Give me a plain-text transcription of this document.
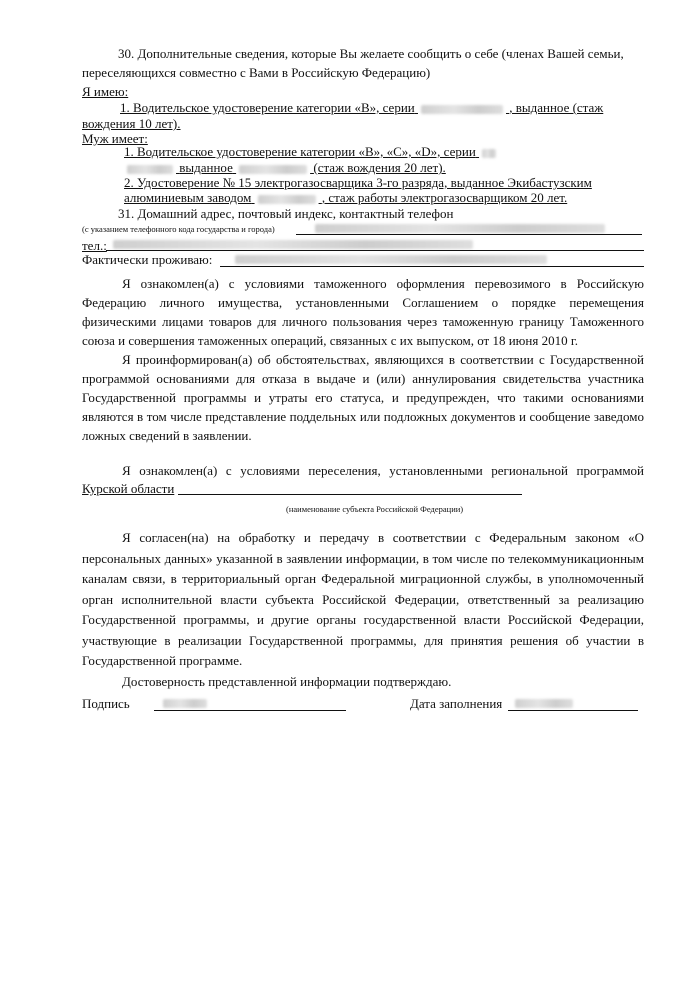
30. Дополнительные сведения, которые Вы желаете сообщить о себе (членах Вашей семьи,
переселяющихся совместно с Вами в Российскую Федерацию)
Я имею:
1. Водительское удостоверение категории «В», серии	, выданное (стаж
вождения 10 лет).
Муж имеет:
1. Водительское удостоверение категории «В», «С», «D», серии
выданное	(стаж вождения 20 лет).
2. Удостоверение № 15 электрогазосварщика 3-го разряда, выданное Экибастузским
алюминиевым заводом	, стаж работы электрогазосварщиком 20 лет.
31. Домашний адрес, почтовый индекс, контактный телефон
(с указанием телефонного кода государства и города)
тел.:
Фактически проживаю:

Я ознакомлен(а) с условиями таможенного оформления перевозимого в Российскую Федерацию личного имущества, установленными Соглашением о порядке перемещения физическими лицами товаров для личного пользования через таможенную границу Таможенного союза и совершения таможенных операций, связанных с их выпуском, от 18 июня 2010 г.

Я проинформирован(а) об обстоятельствах, являющихся в соответствии с Государственной программой основаниями для отказа в выдаче и (или) аннулирования свидетельства участника Государственной программы и утраты его статуса, и предупрежден, что такими основаниями являются в том числе представление поддельных или подложных документов и сообщение заведомо ложных сведений в заявлении.

Я ознакомлен(а) с условиями переселения, установленными региональной программой
Курской области
(наименование субъекта Российской Федерации)

Я согласен(на) на обработку и передачу в соответствии с Федеральным законом «О персональных данных» указанной в заявлении информации, в том числе по телекоммуникационным каналам связи, в территориальный орган Федеральной миграционной службы, в уполномоченный орган исполнительной власти субъекта Российской Федерации, ответственный за реализацию Государственной программы, и другие органы государственной власти Российской Федерации, участвующие в реализации Государственной программы, для принятия решения об участии в Государственной программе.

Достоверность представленной информации подтверждаю.
Подпись	Дата заполнения
